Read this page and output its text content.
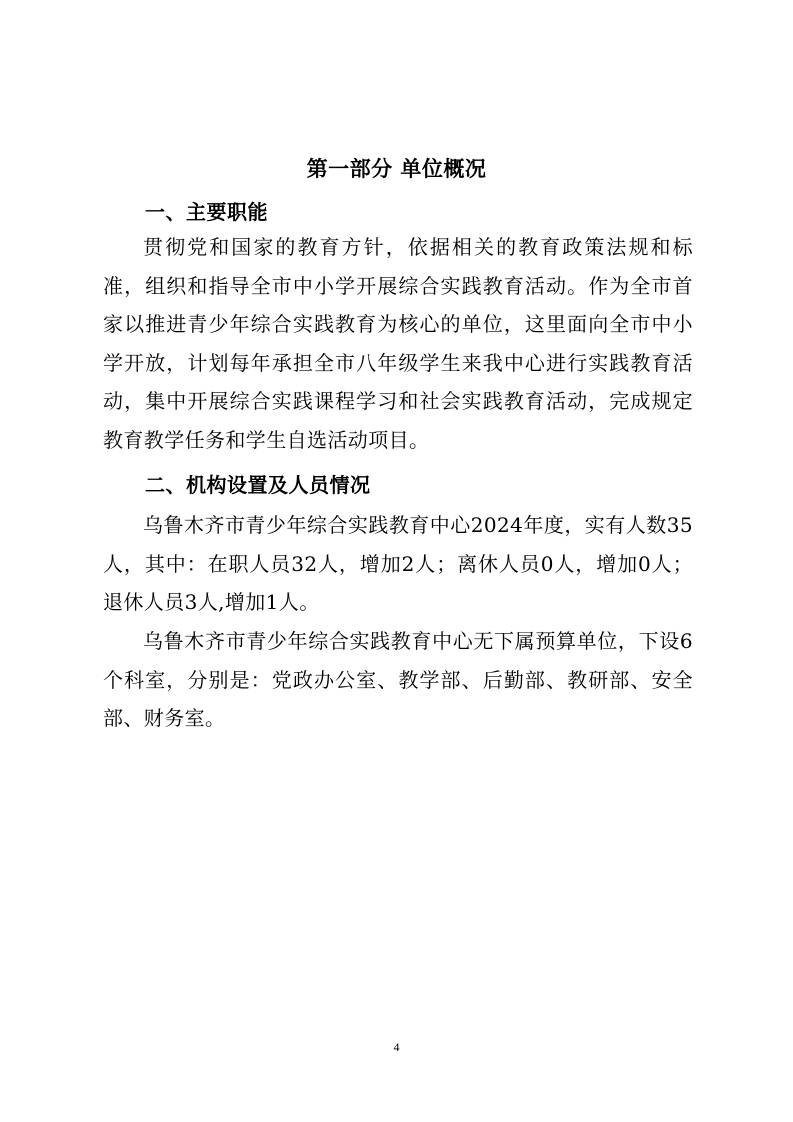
第一部分 单位概况
一、主要职能
贯彻党和国家的教育方针，依据相关的教育政策法规和标准，组织和指导全市中小学开展综合实践教育活动。作为全市首家以推进青少年综合实践教育为核心的单位，这里面向全市中小学开放，计划每年承担全市八年级学生来我中心进行实践教育活动，集中开展综合实践课程学习和社会实践教育活动，完成规定教育教学任务和学生自选活动项目。
二、机构设置及人员情况
乌鲁木齐市青少年综合实践教育中心2024年度，实有人数35人，其中：在职人员32人，增加2人；离休人员0人，增加0人；退休人员3人,增加1人。
乌鲁木齐市青少年综合实践教育中心无下属预算单位，下设6个科室，分别是：党政办公室、教学部、后勤部、教研部、安全部、财务室。
4
